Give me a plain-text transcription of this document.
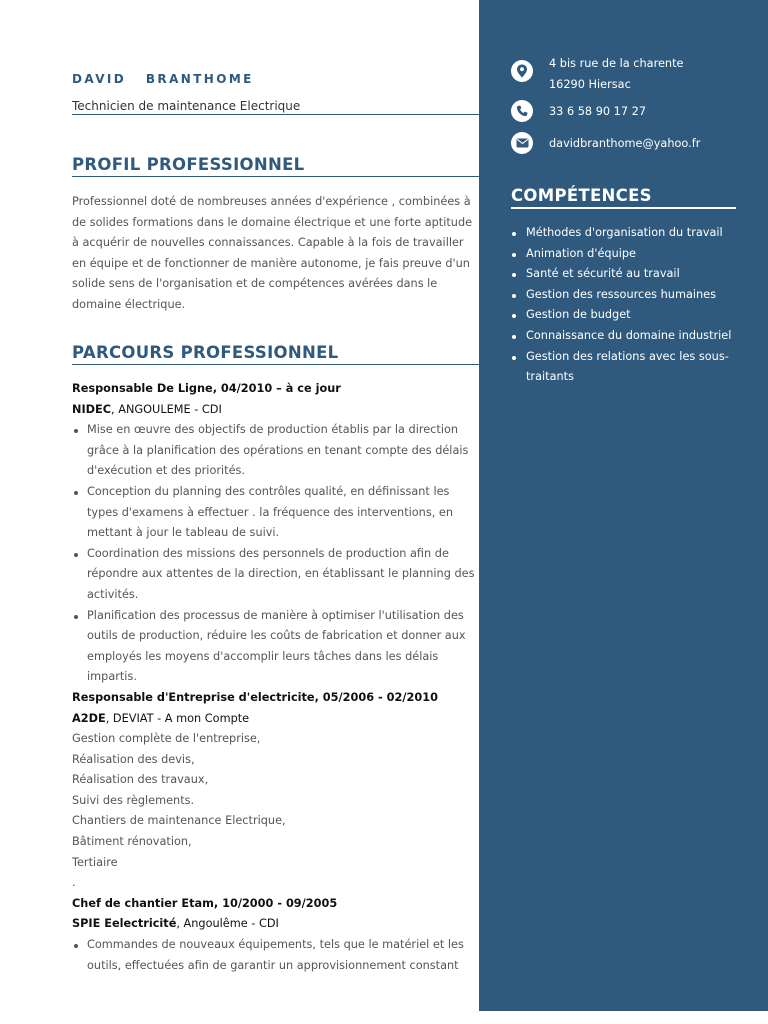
DAVID   BRANTHOME
Technicien de maintenance Electrique
PROFIL PROFESSIONNEL
Professionnel doté de nombreuses années d'expérience , combinées à de solides formations dans le domaine électrique et une forte aptitude à acquérir de nouvelles connaissances. Capable à la fois de travailler en équipe et de fonctionner de manière autonome, je fais preuve d'un solide sens de l'organisation et de compétences avérées dans le domaine électrique.
PARCOURS PROFESSIONNEL
Responsable De Ligne, 04/2010 – à ce jour
NIDEC, ANGOULEME - CDI
Mise en œuvre des objectifs de production établis par la direction grâce à la planification des opérations en tenant compte des délais d'exécution et des priorités.
Conception du planning des contrôles qualité, en définissant les types d'examens à effectuer . la fréquence des interventions, en mettant à jour le tableau de suivi.
Coordination des missions des personnels de production afin de répondre aux attentes de la direction, en établissant le planning des activités.
Planification des processus de manière à optimiser l'utilisation des outils de production, réduire les coûts de fabrication et donner aux employés les moyens d'accomplir leurs tâches dans les délais impartis.
Responsable d'Entreprise d'electricite, 05/2006 - 02/2010
A2DE, DEVIAT - A mon Compte
Gestion complète de l'entreprise,
Réalisation des devis,
Réalisation des travaux,
Suivi des règlements.
Chantiers de maintenance Electrique,
Bâtiment rénovation,
Tertiaire
.
Chef de chantier Etam, 10/2000 - 09/2005
SPIE Eelectricité, Angoulême - CDI
Commandes de nouveaux équipements, tels que le matériel et les outils, effectuées afin de garantir un approvisionnement constant
4 bis rue de la charente
16290 Hiersac
33 6 58 90 17 27
davidbranthome@yahoo.fr
COMPÉTENCES
Méthodes d'organisation du travail
Animation d'équipe
Santé et sécurité au travail
Gestion des ressources humaines
Gestion de budget
Connaissance du domaine industriel
Gestion des relations avec les sous-traitants
